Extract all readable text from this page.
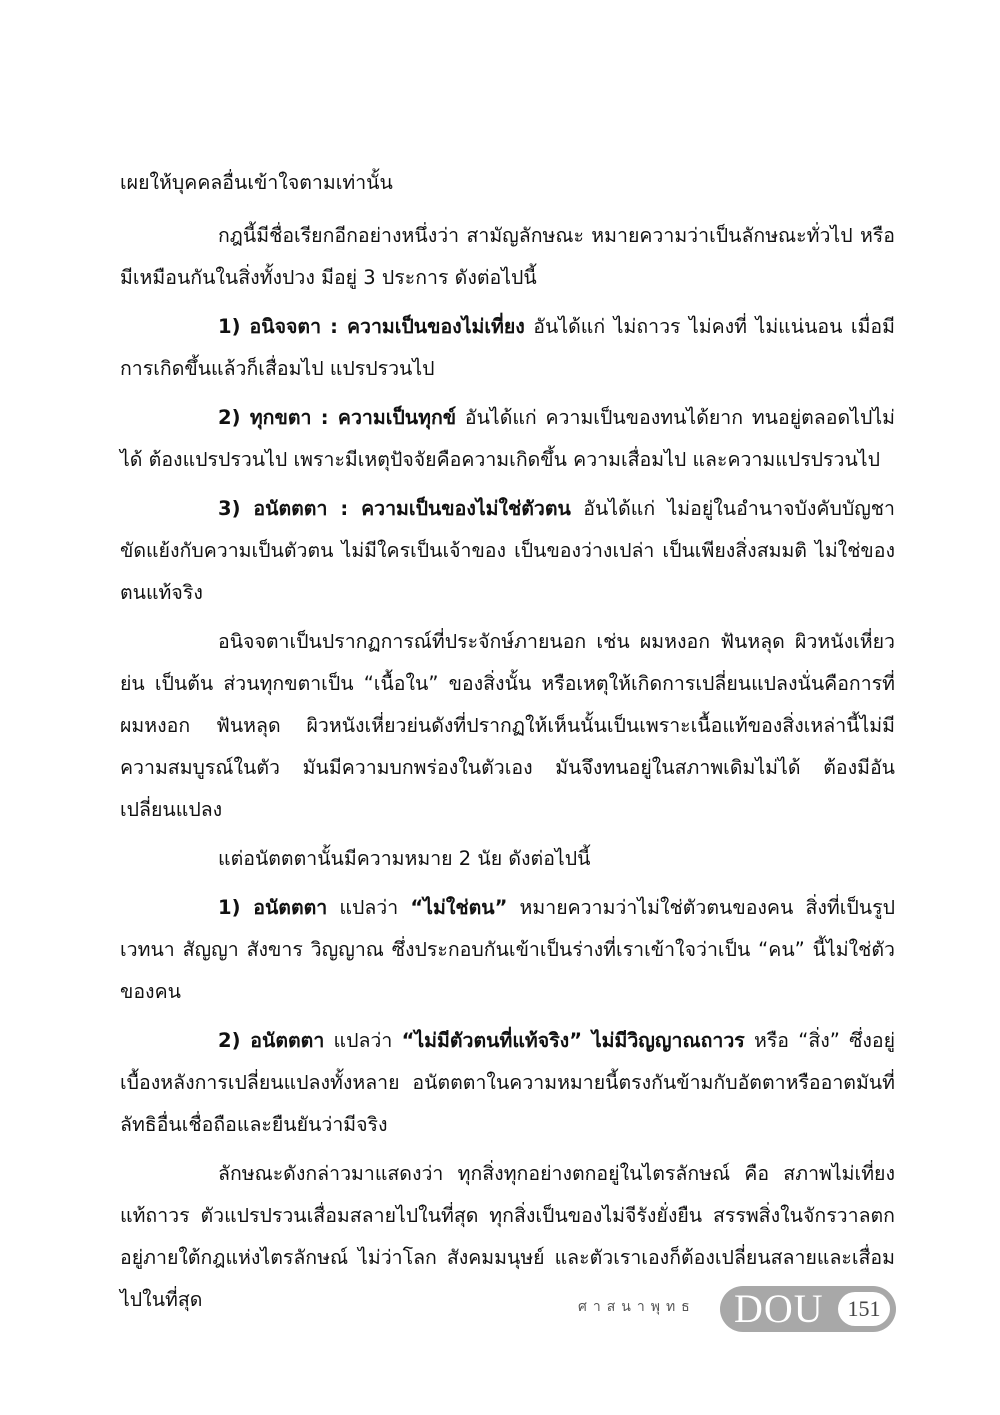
เผยให้บุคคลอื่นเข้าใจตามเท่านั้น

กฎนี้มีชื่อเรียกอีกอย่างหนึ่งว่า สามัญลักษณะ หมายความว่าเป็นลักษณะทั่วไป หรือมีเหมือนกันในสิ่งทั้งปวง มีอยู่ 3 ประการ ดังต่อไปนี้

1) อนิจจตา : ความเป็นของไม่เที่ยง อันได้แก่ ไม่ถาวร ไม่คงที่ ไม่แน่นอน เมื่อมีการเกิดขึ้นแล้วก็เสื่อมไป แปรปรวนไป

2) ทุกขตา : ความเป็นทุกข์ อันได้แก่ ความเป็นของทนได้ยาก ทนอยู่ตลอดไปไม่ได้ ต้องแปรปรวนไป เพราะมีเหตุปัจจัยคือความเกิดขึ้น ความเสื่อมไป และความแปรปรวนไป

3) อนัตตตา : ความเป็นของไม่ใช่ตัวตน อันได้แก่ ไม่อยู่ในอำนาจบังคับบัญชา ขัดแย้งกับความเป็นตัวตน ไม่มีใครเป็นเจ้าของ เป็นของว่างเปล่า เป็นเพียงสิ่งสมมติ ไม่ใช่ของตนแท้จริง

อนิจจตาเป็นปรากฏการณ์ที่ประจักษ์ภายนอก เช่น ผมหงอก ฟันหลุด ผิวหนังเหี่ยวย่น เป็นต้น ส่วนทุกขตาเป็น “เนื้อใน” ของสิ่งนั้น หรือเหตุให้เกิดการเปลี่ยนแปลงนั่นคือการที่ผมหงอก ฟันหลุด ผิวหนังเหี่ยวย่นดังที่ปรากฏให้เห็นนั้นเป็นเพราะเนื้อแท้ของสิ่งเหล่านี้ไม่มีความสมบูรณ์ในตัว มันมีความบกพร่องในตัวเอง มันจึงทนอยู่ในสภาพเดิมไม่ได้ ต้องมีอันเปลี่ยนแปลง

แต่อนัตตตานั้นมีความหมาย 2 นัย ดังต่อไปนี้

1) อนัตตตา แปลว่า “ไม่ใช่ตน” หมายความว่าไม่ใช่ตัวตนของคน สิ่งที่เป็นรูป เวทนา สัญญา สังขาร วิญญาณ ซึ่งประกอบกันเข้าเป็นร่างที่เราเข้าใจว่าเป็น “คน” นี้ไม่ใช่ตัวของคน

2) อนัตตตา แปลว่า “ไม่มีตัวตนที่แท้จริง” ไม่มีวิญญาณถาวร หรือ “สิ่ง” ซึ่งอยู่เบื้องหลังการเปลี่ยนแปลงทั้งหลาย อนัตตตาในความหมายนี้ตรงกันข้ามกับอัตตาหรืออาตมันที่ลัทธิอื่นเชื่อถือและยืนยันว่ามีจริง

ลักษณะดังกล่าวมาแสดงว่า ทุกสิ่งทุกอย่างตกอยู่ในไตรลักษณ์ คือ สภาพไม่เที่ยงแท้ถาวร ตัวแปรปรวนเสื่อมสลายไปในที่สุด ทุกสิ่งเป็นของไม่จีรังยั่งยืน สรรพสิ่งในจักรวาลตกอยู่ภายใต้กฎแห่งไตรลักษณ์ ไม่ว่าโลก สังคมมนุษย์ และตัวเราเองก็ต้องเปลี่ยนสลายและเสื่อมไปในที่สุด	ศาสนาพุทธ DOU	151
